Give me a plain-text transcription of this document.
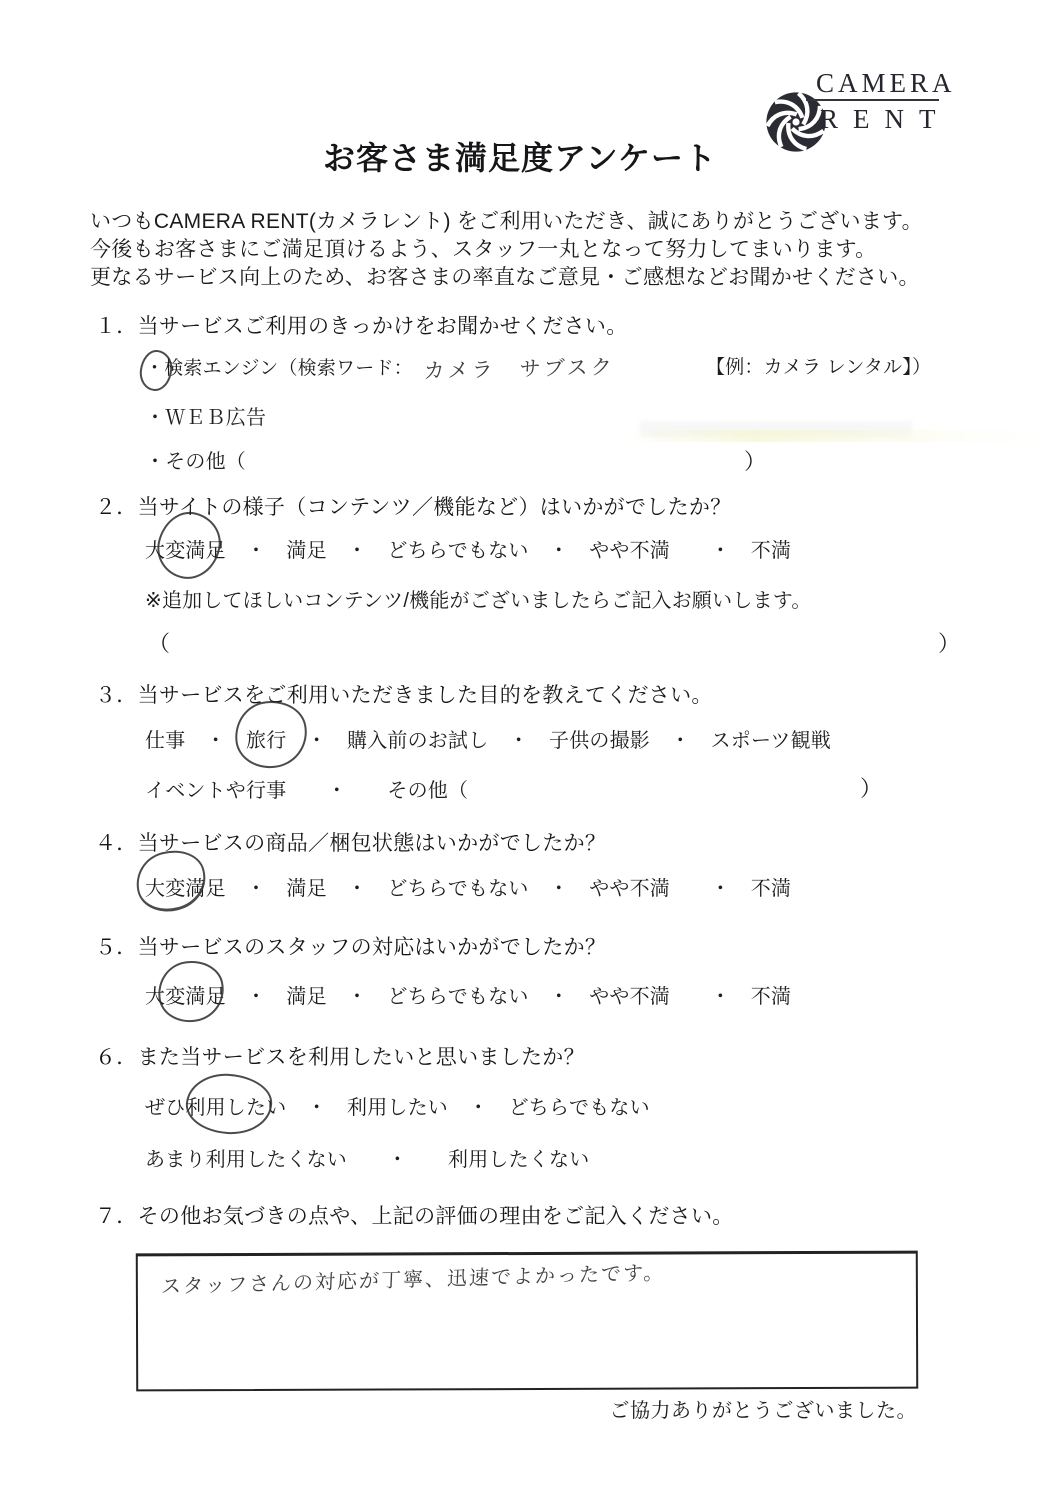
CAMERA
RENT
お客さま満足度アンケート
いつもCAMERA RENT(カメラレント) をご利用いただき、誠にありがとうございます。
今後もお客さまにご満足頂けるよう、スタッフ一丸となって努力してまいります。
更なるサービス向上のため、お客さまの率直なご意見・ご感想などお聞かせください。
１．当サービスご利用のきっかけをお聞かせください。
・検索エンジン（検索ワード： カメラ　サブスク	【例：カメラ レンタル】）
・ＷＥＢ広告
・その他（	）
２．当サイトの様子（コンテンツ／機能など）はいかがでしたか？
大変満足　・　満足　・　どちらでもない　・　やや不満　　・　不満
※追加してほしいコンテンツ/機能がございましたらご記入お願いします。
（	）
３．当サービスをご利用いただきました目的を教えてください。
仕事　・　旅行　・　購入前のお試し　・　子供の撮影　・　スポーツ観戦
イベントや行事　　・　　その他（	）
４．当サービスの商品／梱包状態はいかがでしたか？
大変満足　・　満足　・　どちらでもない　・　やや不満　　・　不満
５．当サービスのスタッフの対応はいかがでしたか？
大変満足　・　満足　・　どちらでもない　・　やや不満　　・　不満
６．また当サービスを利用したいと思いましたか？
ぜひ利用したい　・　利用したい　・　どちらでもない
あまり利用したくない　　・　　利用したくない
７．その他お気づきの点や、上記の評価の理由をご記入ください。
スタッフさんの対応が丁寧、迅速でよかったです。
ご協力ありがとうございました。
